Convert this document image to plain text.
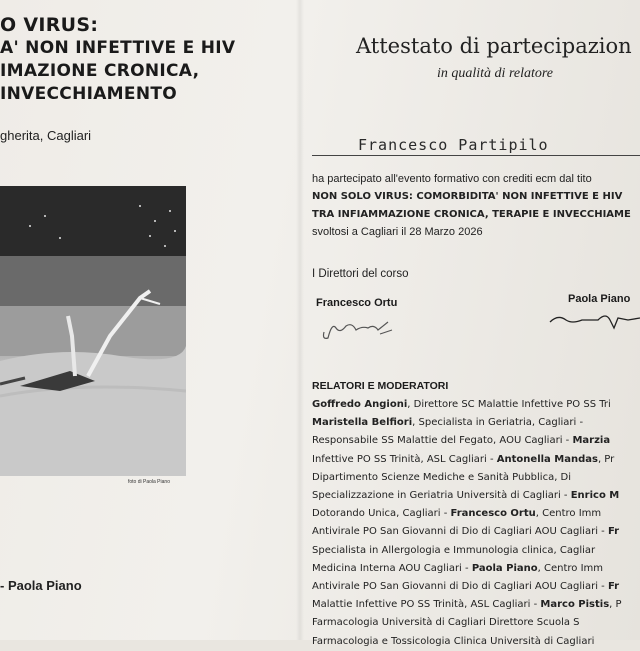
O VIRUS:
A' NON INFETTIVE E HIV
IMAZIONE CRONICA,
INVECCHIAMENTO
gherita, Cagliari
foto di Paola Piano
- Paola Piano
Attestato di partecipazion
in qualità di relatore
Francesco Partipilo
ha partecipato all'evento formativo con crediti ecm dal tito
NON SOLO VIRUS: COMORBIDITA' NON INFETTIVE E HIV
TRA INFIAMMAZIONE CRONICA, TERAPIE E INVECCHIAME
svoltosi a Cagliari il 28 Marzo 2026
I Direttori del corso
Francesco Ortu	Paola Piano
RELATORI E MODERATORI
Goffredo Angioni, Direttore SC Malattie Infettive PO SS Tri
Maristella Belfiori, Specialista in Geriatria, Cagliari -
Responsabile SS Malattie del Fegato, AOU Cagliari - Marzia
Infettive PO SS Trinità, ASL Cagliari - Antonella Mandas, Pr
Dipartimento Scienze Mediche e Sanità Pubblica, Di
Specializzazione in Geriatria Università di Cagliari - Enrico M
Dotorando Unica, Cagliari - Francesco Ortu, Centro Imm
Antivirale PO San Giovanni di Dio di Cagliari AOU Cagliari - Fr
Specialista in Allergologia e Immunologia clinica, Cagliar
Medicina Interna AOU Cagliari - Paola Piano, Centro Imm
Antivirale PO San Giovanni di Dio di Cagliari AOU Cagliari - Fr
Malattie Infettive PO SS Trinità, ASL Cagliari - Marco Pistis, P
Farmacologia Università di Cagliari Direttore Scuola S
Farmacologia e Tossicologia Clinica Università di Cagliari
